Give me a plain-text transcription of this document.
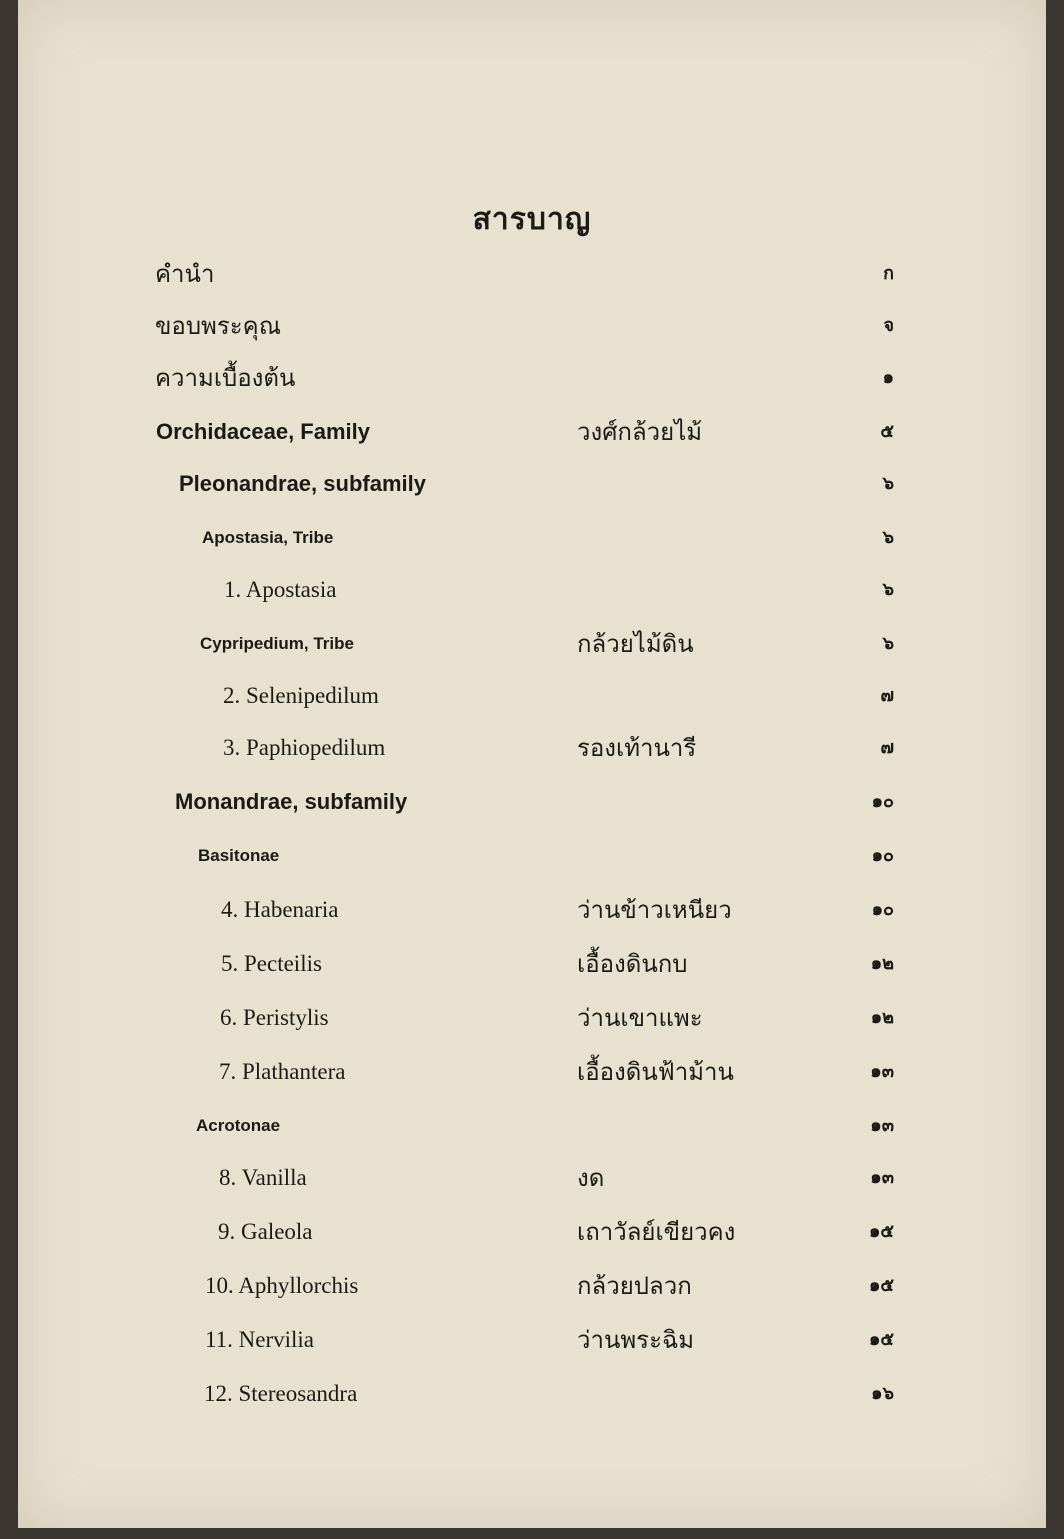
สารบาญ
คำนำ	ก
ขอบพระคุณ	จ
ความเบื้องต้น	๑
Orchidaceae, Family	วงศ์กล้วยไม้	๕
Pleonandrae, subfamily	๖
Apostasia, Tribe	๖
1. Apostasia	๖
Cypripedium, Tribe	กล้วยไม้ดิน	๖
2. Selenipedilum	๗
3. Paphiopedilum	รองเท้านารี	๗
Monandrae, subfamily	๑๐
Basitonae	๑๐
4. Habenaria	ว่านข้าวเหนียว	๑๐
5. Pecteilis	เอื้องดินกบ	๑๒
6. Peristylis	ว่านเขาแพะ	๑๒
7. Plathantera	เอื้องดินฟ้าม้าน	๑๓
Acrotonae	๑๓
8. Vanilla	งด	๑๓
9. Galeola	เถาวัลย์เขียวคง	๑๕
10. Aphyllorchis	กล้วยปลวก	๑๕
11. Nervilia	ว่านพระฉิม	๑๕
12. Stereosandra	๑๖
